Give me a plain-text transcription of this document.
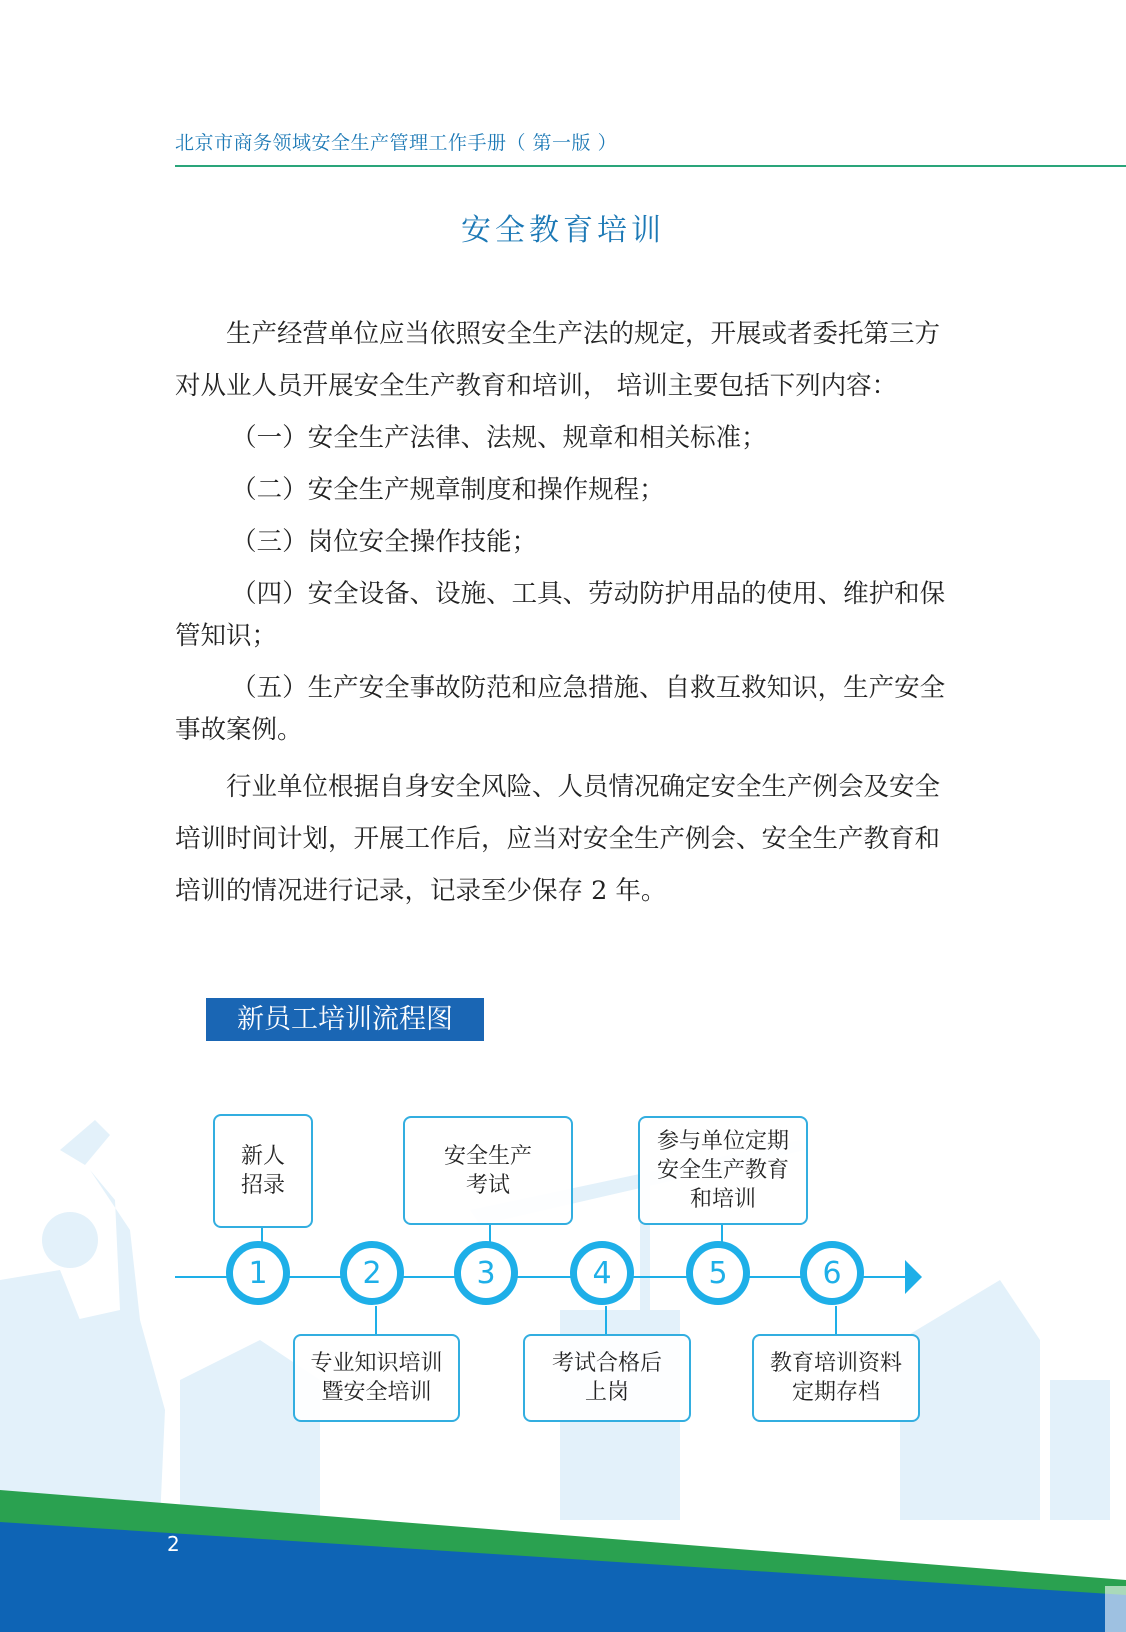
北京市商务领域安全生产管理工作手册（ 第一版 ）
安全教育培训

生产经营单位应当依照安全生产法的规定，开展或者委托第三方对从业人员开展安全生产教育和培训， 培训主要包括下列内容：

（一）安全生产法律、法规、规章和相关标准；

（二）安全生产规章制度和操作规程；

（三）岗位安全操作技能；

（四）安全设备、设施、工具、劳动防护用品的使用、维护和保管知识；

（五）生产安全事故防范和应急措施、自救互救知识，生产安全事故案例。

行业单位根据自身安全风险、人员情况确定安全生产例会及安全培训时间计划，开展工作后，应当对安全生产例会、安全生产教育和培训的情况进行记录，记录至少保存 2 年。

新员工培训流程图
新人
招录
安全生产
考试
参与单位定期
安全生产教育
和培训
专业知识培训
暨安全培训
考试合格后
上岗
教育培训资料
定期存档
1	2	3	4	5	6
2
